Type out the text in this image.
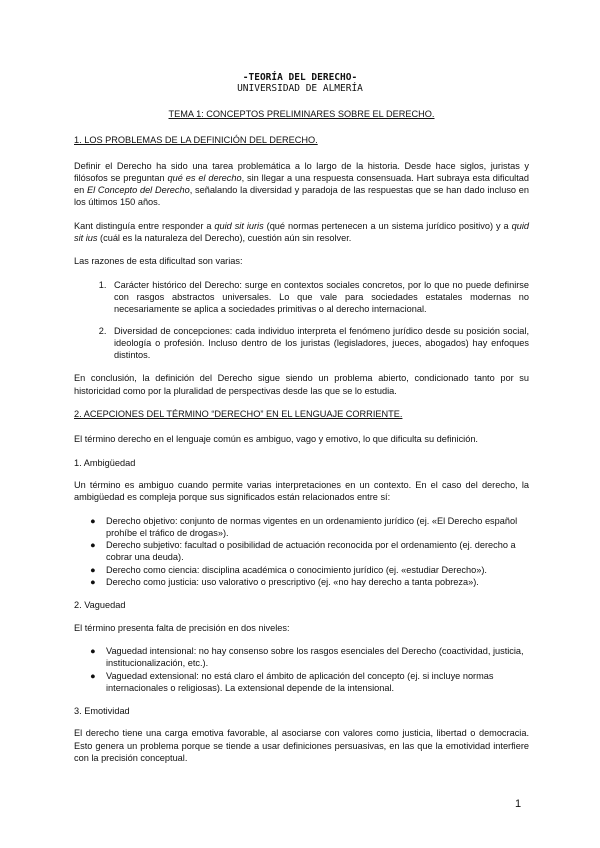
-TEORÍA DEL DERECHO-
UNIVERSIDAD DE ALMERÍA
TEMA 1: CONCEPTOS PRELIMINARES SOBRE EL DERECHO.
1. LOS PROBLEMAS DE LA DEFINICIÓN DEL DERECHO.

Definir el Derecho ha sido una tarea problemática a lo largo de la historia. Desde hace siglos, juristas y filósofos se preguntan qué es el derecho, sin llegar a una respuesta consensuada. Hart subraya esta dificultad en El Concepto del Derecho, señalando la diversidad y paradoja de las respuestas que se han dado incluso en los últimos 150 años.

Kant distinguía entre responder a quid sit iuris (qué normas pertenecen a un sistema jurídico positivo) y a quid sit ius (cuál es la naturaleza del Derecho), cuestión aún sin resolver.

Las razones de esta dificultad son varias:

1. Carácter histórico del Derecho: surge en contextos sociales concretos, por lo que no puede definirse con rasgos abstractos universales. Lo que vale para sociedades estatales modernas no necesariamente se aplica a sociedades primitivas o al derecho internacional.
2. Diversidad de concepciones: cada individuo interpreta el fenómeno jurídico desde su posición social, ideología o profesión. Incluso dentro de los juristas (legisladores, jueces, abogados) hay enfoques distintos.

En conclusión, la definición del Derecho sigue siendo un problema abierto, condicionado tanto por su historicidad como por la pluralidad de perspectivas desde las que se lo estudia.

2. ACEPCIONES DEL TÉRMINO “DERECHO” EN EL LENGUAJE CORRIENTE.

El término derecho en el lenguaje común es ambiguo, vago y emotivo, lo que dificulta su definición.

1. Ambigüedad

Un término es ambiguo cuando permite varias interpretaciones en un contexto. En el caso del derecho, la ambigüedad es compleja porque sus significados están relacionados entre sí:

● Derecho objetivo: conjunto de normas vigentes en un ordenamiento jurídico (ej. «El Derecho español prohíbe el tráfico de drogas»).
● Derecho subjetivo: facultad o posibilidad de actuación reconocida por el ordenamiento (ej. derecho a cobrar una deuda).
● Derecho como ciencia: disciplina académica o conocimiento jurídico (ej. «estudiar Derecho»).
● Derecho como justicia: uso valorativo o prescriptivo (ej. «no hay derecho a tanta pobreza»).
2. Vaguedad

El término presenta falta de precisión en dos niveles:

● Vaguedad intensional: no hay consenso sobre los rasgos esenciales del Derecho (coactividad, justicia, institucionalización, etc.).
● Vaguedad extensional: no está claro el ámbito de aplicación del concepto (ej. si incluye normas internacionales o religiosas). La extensional depende de la intensional.
3. Emotividad

El derecho tiene una carga emotiva favorable, al asociarse con valores como justicia, libertad o democracia. Esto genera un problema porque se tiende a usar definiciones persuasivas, en las que la emotividad interfiere con la precisión conceptual.

1
